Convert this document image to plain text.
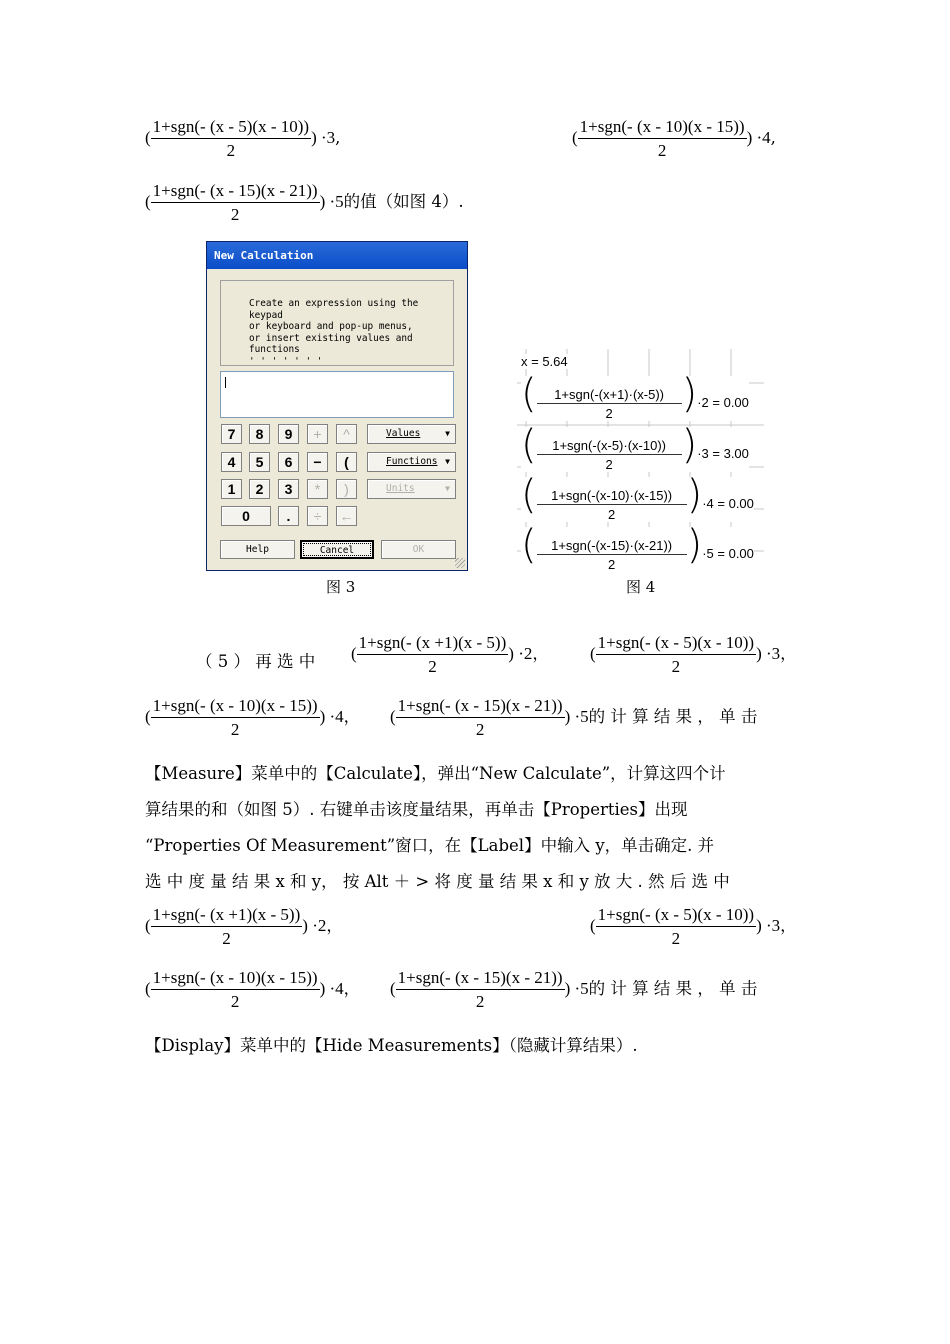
( $\frac{\text{1+sgn(- (x - 5)(x - 10))}}{2}$ ) ·3,	( $\frac{\text{1+sgn(- (x - 10)(x - 15))}}{2}$ ) ·4,
( $\frac{\text{1+sgn(- (x - 15)(x - 21))}}{2}$ ) ·5的值（如图 4）.
New Calculation
Create an expression using the
keypad
or keyboard and pop-up menus,
or insert existing values and
functions
' ' ' ' ' ' '
7	8	9	+	^	Values	▼
4	5	6	−	(	Functions ▼
1	2	3	*	)	Units	▼
0	.	÷	←
Help	Cancel	OK
x = 5.64
( $\frac{\text{1+sgn(-(x+1)·(x-5))}}{2} )\cdot 2 = 0.00$
( $\frac{\text{1+sgn(-(x-5)·(x-10))}}{2} )\cdot 3 = 3.00$
( $\frac{\text{1+sgn(-(x-10)·(x-15))}}{2} )\cdot 4 = 0.00$
( $\frac{\text{1+sgn(-(x-15)·(x-21))}}{2} )\cdot 5 = 0.00$
图 3	图 4
（ 5 ） 再 选 中 ( $\frac{\text{1+sgn(- (x +1)(x - 5))}}{2}$ ) ·2， ( $\frac{\text{1+sgn(- (x - 5)(x - 10))}}{2}$ ) ·3，
( $\frac{\text{1+sgn(- (x - 10)(x - 15))}}{2}$ ) ·4， ( $\frac{\text{1+sgn(- (x - 15)(x - 21))}}{2}$ ) ·5的 计 算 结 果 ， 单 击
【Measure】菜单中的【Calculate】，弹出“New Calculate”，计算这四个计
算结果的和（如图 5）. 右键单击该度量结果，再单击【Properties】出现
“Properties Of Measurement”窗口，在【Label】中输入 y，单击确定. 并
选 中 度 量 结 果 x 和 y， 按 Alt ＋ > 将 度 量 结 果 x 和 y 放 大 . 然 后 选 中
( $\frac{\text{1+sgn(- (x +1)(x - 5))}}{2}$ ) ·2，	( $\frac{\text{1+sgn(- (x - 5)(x - 10))}}{2}$ ) ·3，
( $\frac{\text{1+sgn(- (x - 10)(x - 15))}}{2}$ ) ·4， ( $\frac{\text{1+sgn(- (x - 15)(x - 21))}}{2}$ ) ·5的 计 算 结 果 ， 单 击
【Display】菜单中的【Hide Measurements】（隐藏计算结果）.
